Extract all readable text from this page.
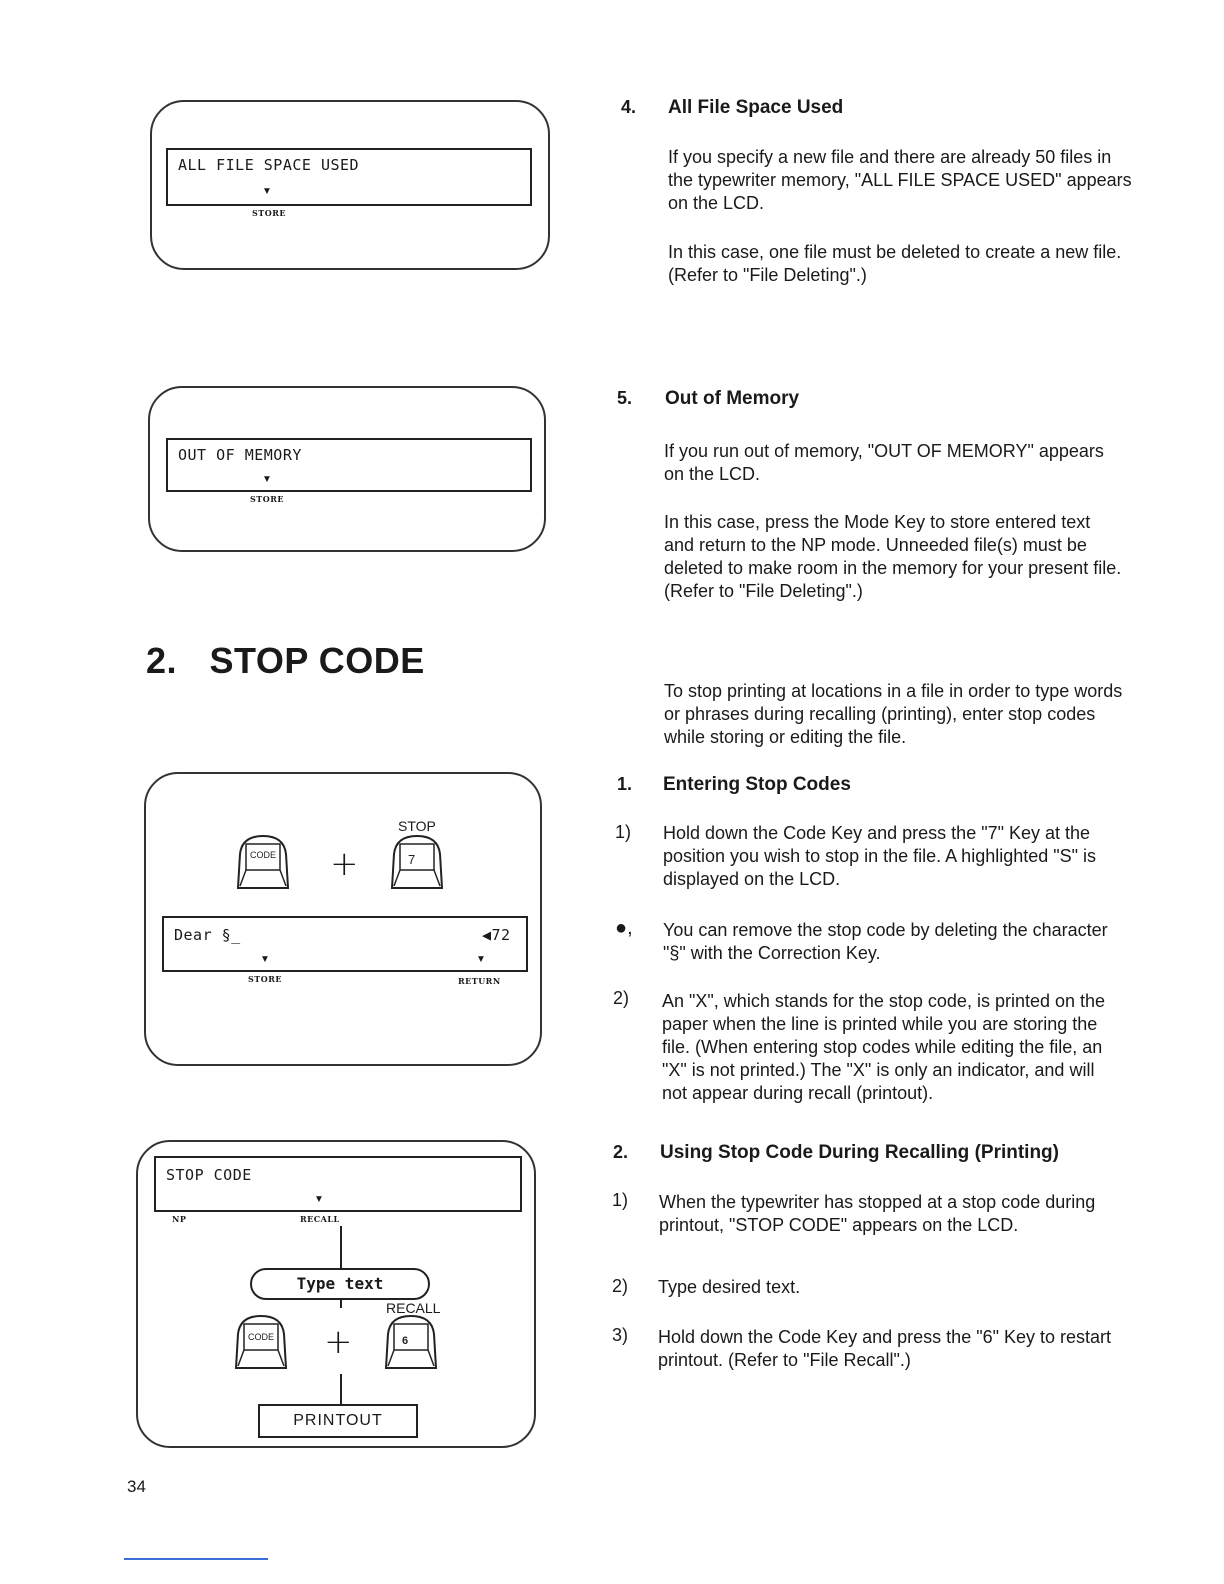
ALL FILE SPACE USED
▼
STORE
OUT OF MEMORY
▼
STORE
2. STOP CODE
STOP
CODE +	7
Dear §_	◀72
▼	▼
STORE	RETURN
STOP CODE
▼
NP	RECALL
Type text
RECALL
CODE +	6
PRINTOUT
34
4. All File Space Used
If you specify a new file and there are already 50 files in
the typewriter memory, "ALL FILE SPACE USED" appears
on the LCD.
In this case, one file must be deleted to create a new file.
(Refer to "File Deleting".)
5. Out of Memory
If you run out of memory, "OUT OF MEMORY" appears
on the LCD.
In this case, press the Mode Key to store entered text
and return to the NP mode. Unneeded file(s) must be
deleted to make room in the memory for your present file.
(Refer to "File Deleting".)
To stop printing at locations in a file in order to type words
or phrases during recalling (printing), enter stop codes
while storing or editing the file.
1. Entering Stop Codes
1) Hold down the Code Key and press the "7" Key at the
position you wish to stop in the file. A highlighted "S" is
displayed on the LCD.
●, You can remove the stop code by deleting the character
"§" with the Correction Key.
2) An "X", which stands for the stop code, is printed on the
paper when the line is printed while you are storing the
file. (When entering stop codes while editing the file, an
"X" is not printed.) The "X" is only an indicator, and will
not appear during recall (printout).
2. Using Stop Code During Recalling (Printing)
1) When the typewriter has stopped at a stop code during
printout, "STOP CODE" appears on the LCD.
2) Type desired text.
3) Hold down the Code Key and press the "6" Key to restart
printout. (Refer to "File Recall".)
